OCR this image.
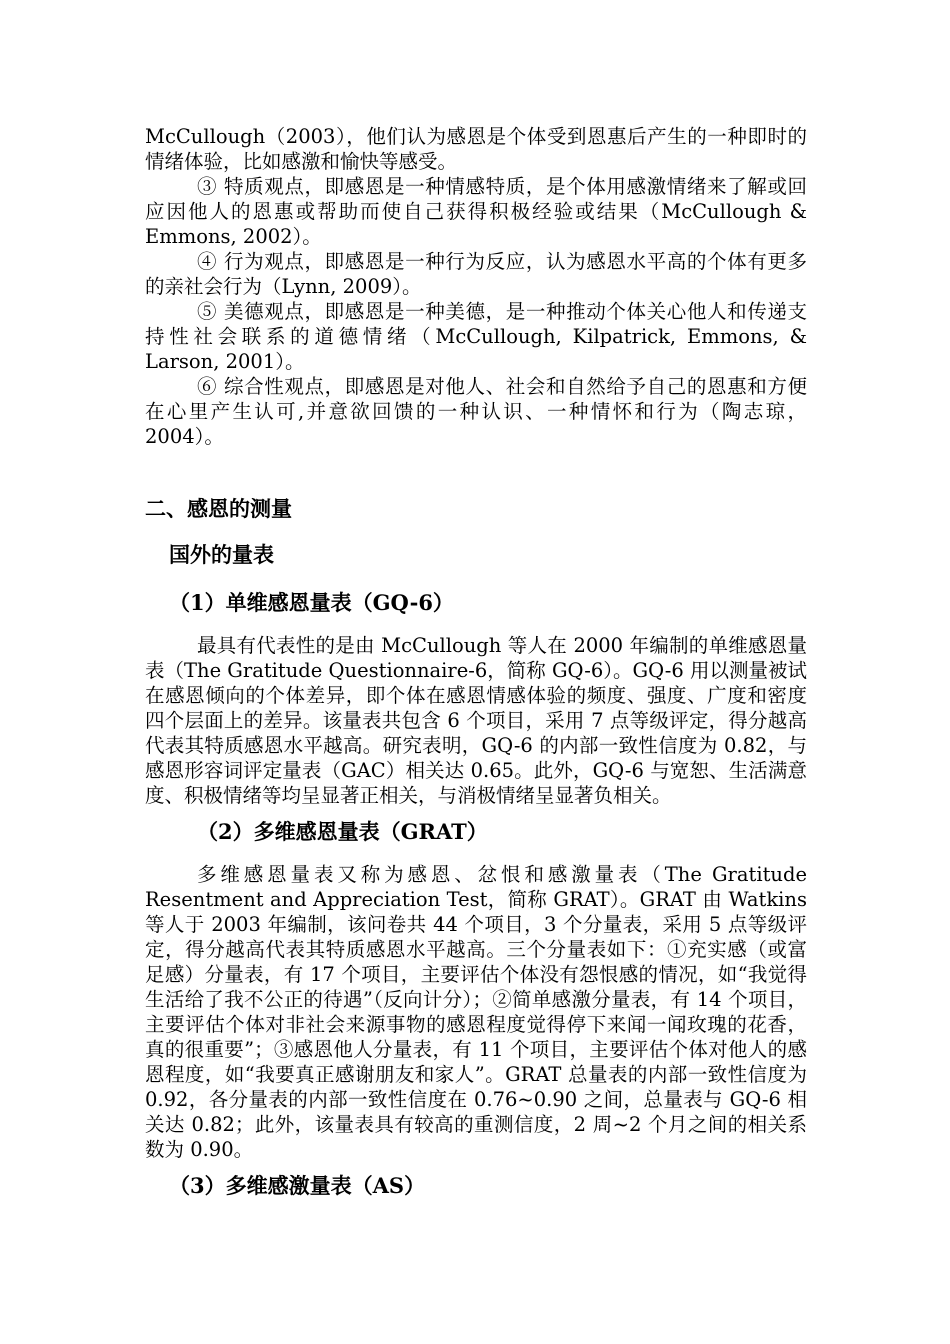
McCullough（2003），他们认为感恩是个体受到恩惠后产生的一种即时的情绪体验，比如感激和愉快等感受。

③ 特质观点，即感恩是一种情感特质，是个体用感激情绪来了解或回应因他人的恩惠或帮助而使自己获得积极经验或结果（McCullough & Emmons, 2002）。

④ 行为观点，即感恩是一种行为反应，认为感恩水平高的个体有更多的亲社会行为（Lynn, 2009）。

⑤ 美德观点，即感恩是一种美德，是一种推动个体关心他人和传递支持性社会联系的道德情绪（McCullough, Kilpatrick, Emmons, & Larson, 2001）。

⑥ 综合性观点，即感恩是对他人、社会和自然给予自己的恩惠和方便在心里产生认可,并意欲回馈的一种认识、一种情怀和行为（陶志琼，2004）。

二、感恩的测量
国外的量表
（1）单维感恩量表（GQ-6）

最具有代表性的是由 McCullough 等人在 2000 年编制的单维感恩量表（The Gratitude Questionnaire-6，简称 GQ-6）。GQ-6 用以测量被试在感恩倾向的个体差异，即个体在感恩情感体验的频度、强度、广度和密度四个层面上的差异。该量表共包含 6 个项目，采用 7 点等级评定，得分越高代表其特质感恩水平越高。研究表明，GQ-6 的内部一致性信度为 0.82，与感恩形容词评定量表（GAC）相关达 0.65。此外，GQ-6 与宽恕、生活满意度、积极情绪等均呈显著正相关，与消极情绪呈显著负相关。

（2）多维感恩量表（GRAT）

多维感恩量表又称为感恩、忿恨和感激量表（The Gratitude Resentment and Appreciation Test，简称 GRAT）。GRAT 由 Watkins 等人于 2003 年编制，该问卷共 44 个项目，3 个分量表，采用 5 点等级评定，得分越高代表其特质感恩水平越高。三个分量表如下：①充实感（或富足感）分量表，有 17 个项目，主要评估个体没有怨恨感的情况，如“我觉得生活给了我不公正的待遇”（反向计分）；②简单感激分量表，有 14 个项目，主要评估个体对非社会来源事物的感恩程度觉得停下来闻一闻玫瑰的花香，真的很重要”；③感恩他人分量表，有 11 个项目，主要评估个体对他人的感恩程度，如“我要真正感谢朋友和家人”。GRAT 总量表的内部一致性信度为 0.92，各分量表的内部一致性信度在 0.76~0.90 之间，总量表与 GQ-6 相关达 0.82；此外，该量表具有较高的重测信度，2 周~2 个月之间的相关系数为 0.90。

（3）多维感激量表（AS）
